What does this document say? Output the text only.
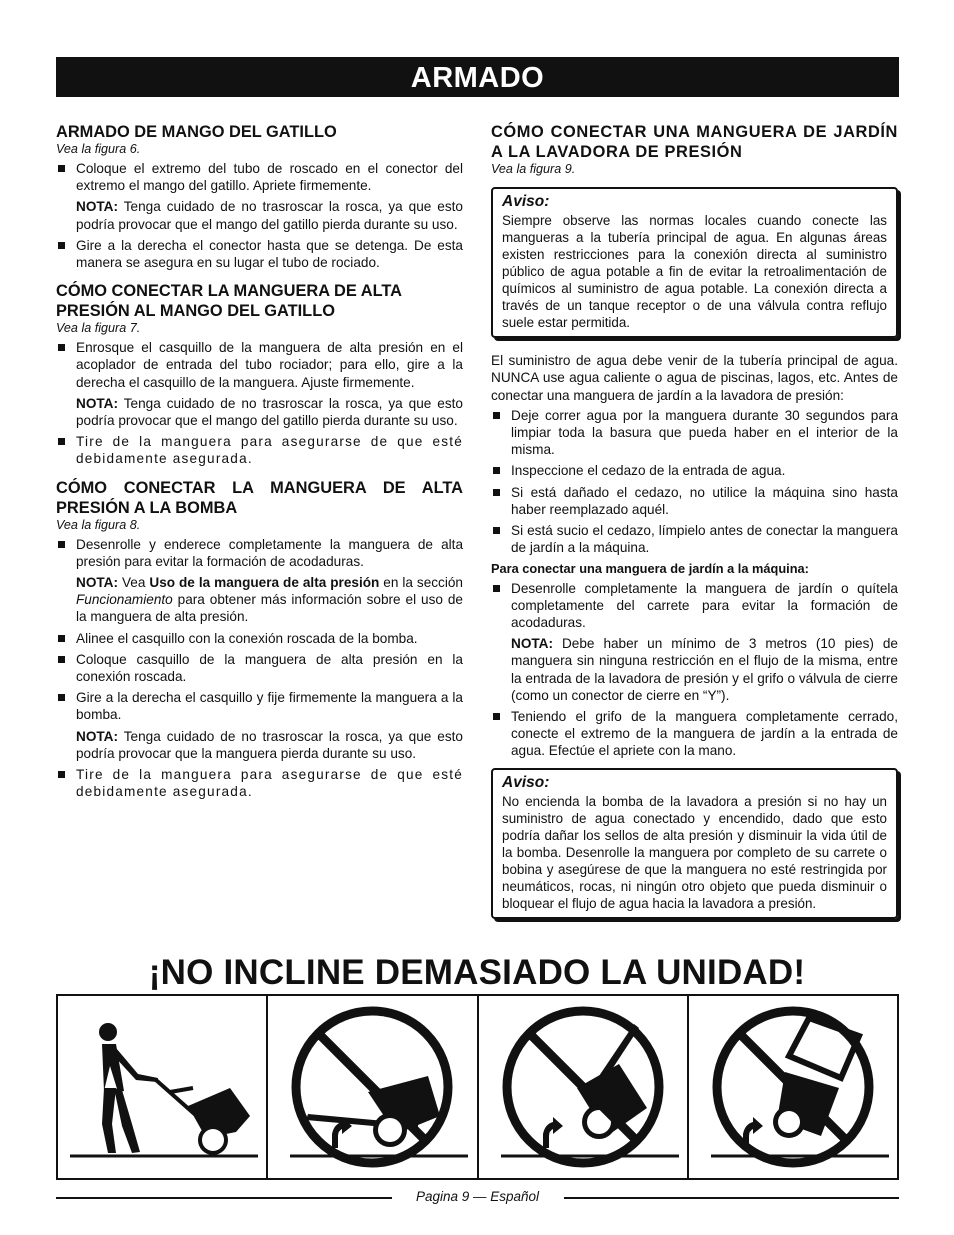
ARMADO
ARMADO DE MANGO DEL GATILLO
Vea la figura 6.
Coloque el extremo del tubo de roscado en el conector del extremo el mango del gatillo. Apriete firmemente.
NOTA: Tenga cuidado de no trasroscar la rosca, ya que esto podría provocar que el mango del gatillo pierda durante su uso.
Gire a la derecha el conector hasta que se detenga. De esta manera se asegura en su lugar el tubo de rociado.
CÓMO CONECTAR LA MANGUERA DE ALTA PRESIÓN AL MANGO DEL GATILLO
Vea la figura 7.
Enrosque el casquillo de la manguera de alta presión en el acoplador de entrada del tubo rociador; para ello, gire a la derecha el casquillo de la manguera. Ajuste firmemente.
NOTA: Tenga cuidado de no trasroscar la rosca, ya que esto podría provocar que el mango del gatillo pierda durante su uso.
Tire de la manguera para asegurarse de que esté debidamente asegurada.
CÓMO CONECTAR LA MANGUERA DE ALTA PRESIÓN A LA BOMBA
Vea la figura 8.
Desenrolle y enderece completamente la manguera de alta presión para evitar la formación de acodaduras.
NOTA: Vea Uso de la manguera de alta presión en la sección Funcionamiento para obtener más información sobre el uso de la manguera de alta presión.
Alinee el casquillo con la conexión roscada de la bomba.
Coloque casquillo de la manguera de alta presión en la conexión roscada.
Gire a la derecha el casquillo y fije firmemente la manguera a la bomba.
NOTA: Tenga cuidado de no trasroscar la rosca, ya que esto podría provocar que la manguera pierda durante su uso.
Tire de la manguera para asegurarse de que esté debidamente asegurada.
CÓMO CONECTAR UNA MANGUERA DE JARDÍN A LA LAVADORA DE PRESIÓN
Vea la figura 9.
Aviso:

Siempre observe las normas locales cuando conecte las mangueras a la tubería principal de agua. En algunas áreas existen restricciones para la conexión directa al suministro público de agua potable a fin de evitar la retroalimentación de químicos al suministro de agua potable. La conexión directa a través de un tanque receptor o de una válvula contra reflujo suele estar permitida.

El suministro de agua debe venir de la tubería principal de agua. NUNCA use agua caliente o agua de piscinas, lagos, etc. Antes de conectar una manguera de jardín a la lavadora de presión:

Deje correr agua por la manguera durante 30 segundos para limpiar toda la basura que pueda haber en el interior de la misma.
Inspeccione el cedazo de la entrada de agua.
Si está dañado el cedazo, no utilice la máquina sino hasta haber reemplazado aquél.
Si está sucio el cedazo, límpielo antes de conectar la manguera de jardín a la máquina.
Para conectar una manguera de jardín a la máquina:
Desenrolle completamente la manguera de jardín o quítela completamente del carrete para evitar la formación de acodaduras.
NOTA: Debe haber un mínimo de 3 metros (10 pies) de manguera sin ninguna restricción en el flujo de la misma, entre la entrada de la lavadora de presión y el grifo o válvula de cierre (como un conector de cierre en “Y”).
Teniendo el grifo de la manguera completamente cerrado, conecte el extremo de la manguera de jardín a la entrada de agua. Efectúe el apriete con la mano.
Aviso:

No encienda la bomba de la lavadora a presión si no hay un suministro de agua conectado y encendido, dado que esto podría dañar los sellos de alta presión y disminuir la vida útil de la bomba. Desenrolle la manguera por completo de su carrete o bobina y asegúrese de que la manguera no esté restringida por neumáticos, rocas, ni ningún otro objeto que pueda disminuir o bloquear el flujo de agua hacia la lavadora a presión.

¡NO INCLINE DEMASIADO LA UNIDAD!
Pagina 9 — Español
